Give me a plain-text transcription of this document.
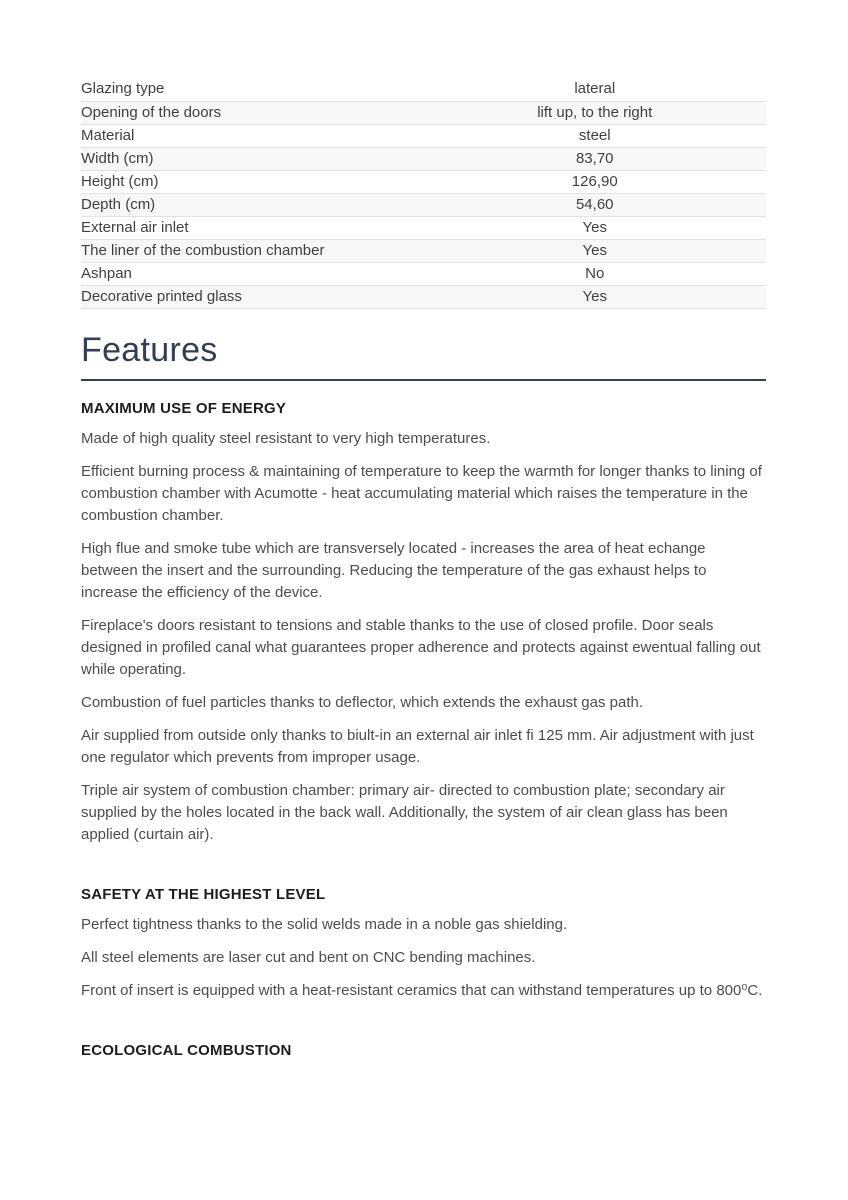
Glazing type	lateral
Opening of the doors	lift up, to the right
Material	steel
Width (cm)	83,70
Height (cm)	126,90
Depth (cm)	54,60
External air inlet	Yes
The liner of the combustion chamber	Yes
Ashpan	No
Decorative printed glass	Yes
Features
MAXIMUM USE OF ENERGY

Made of high quality steel resistant to very high temperatures.

Efficient burning process & maintaining of temperature to keep the warmth for longer thanks to lining of combustion chamber with Acumotte - heat accumulating material which raises the temperature in the combustion chamber.

High flue and smoke tube which are transversely located - increases the area of heat echange between the insert and the surrounding. Reducing the temperature of the gas exhaust helps to increase the efficiency of the device.

Fireplace's doors resistant to tensions and stable thanks to the use of closed profile. Door seals designed in profiled canal what guarantees proper adherence and protects against ewentual falling out while operating.

Combustion of fuel particles thanks to deflector, which extends the exhaust gas path.

Air supplied from outside only thanks to biult-in an external air inlet fi 125 mm. Air adjustment with just one regulator which prevents from improper usage.

Triple air system of combustion chamber: primary air- directed to combustion plate; secondary air supplied by the holes located in the back wall. Additionally, the system of air clean glass has been applied (curtain air).

SAFETY AT THE HIGHEST LEVEL

Perfect tightness thanks to the solid welds made in a noble gas shielding.

All steel elements are laser cut and bent on CNC bending machines.

Front of insert is equipped with a heat-resistant ceramics that can withstand temperatures up to 800⁰C.

ECOLOGICAL COMBUSTION
